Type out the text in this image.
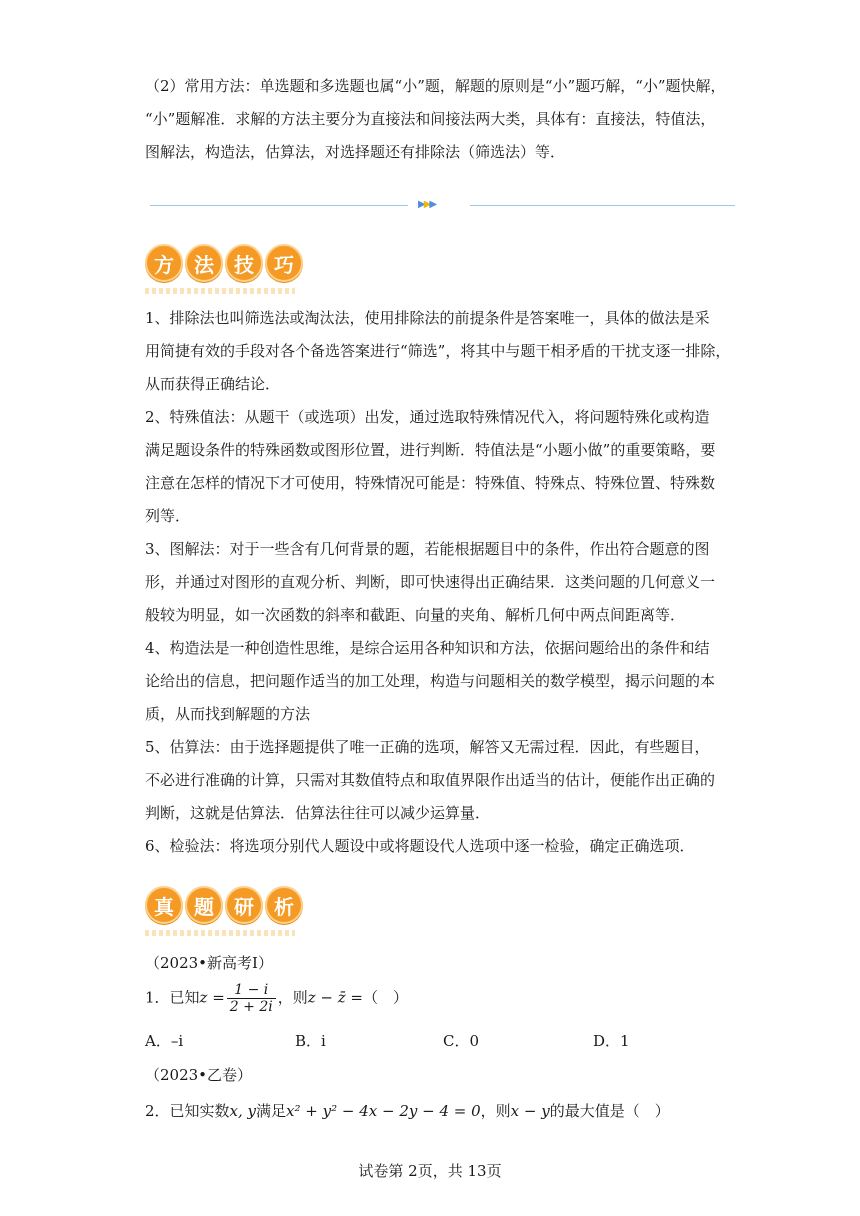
（2）常用方法：单选题和多选题也属“小”题，解题的原则是“小”题巧解，“小”题快解，

“小”题解准．求解的方法主要分为直接法和间接法两大类，具体有：直接法，特值法，

图解法，构造法，估算法，对选择题还有排除法（筛选法）等．

▶▶▶
方	法	技	巧

1、排除法也叫筛选法或淘汰法，使用排除法的前提条件是答案唯一，具体的做法是采

用简捷有效的手段对各个备选答案进行“筛选”，将其中与题干相矛盾的干扰支逐一排除，

从而获得正确结论．

2、特殊值法：从题干（或选项）出发，通过选取特殊情况代入，将问题特殊化或构造

满足题设条件的特殊函数或图形位置，进行判断．特值法是“小题小做”的重要策略，要

注意在怎样的情况下才可使用，特殊情况可能是：特殊值、特殊点、特殊位置、特殊数

列等．

3、图解法：对于一些含有几何背景的题，若能根据题目中的条件，作出符合题意的图

形，并通过对图形的直观分析、判断，即可快速得出正确结果．这类问题的几何意义一

般较为明显，如一次函数的斜率和截距、向量的夹角、解析几何中两点间距离等．

4、构造法是一种创造性思维，是综合运用各种知识和方法，依据问题给出的条件和结

论给出的信息，把问题作适当的加工处理，构造与问题相关的数学模型，揭示问题的本

质，从而找到解题的方法

5、估算法：由于选择题提供了唯一正确的选项，解答又无需过程．因此，有些题目，

不必进行准确的计算，只需对其数值特点和取值界限作出适当的估计，便能作出正确的

判断，这就是估算法．估算法往往可以减少运算量．

6、检验法：将选项分别代人题设中或将题设代人选项中逐一检验，确定正确选项．

真	题	研	析
（2023•新高考Ⅰ）
1．已知$z = \frac{1 - i}{2 + 2i}$ ，则z − z̄ =（　）
A．–i	B．i	C．0	D．1
（2023•乙卷）
2．已知实数x, y满足x² + y² − 4x − 2y − 4 = 0，则x − y的最大值是（　）
试卷第 2页，共 13页
